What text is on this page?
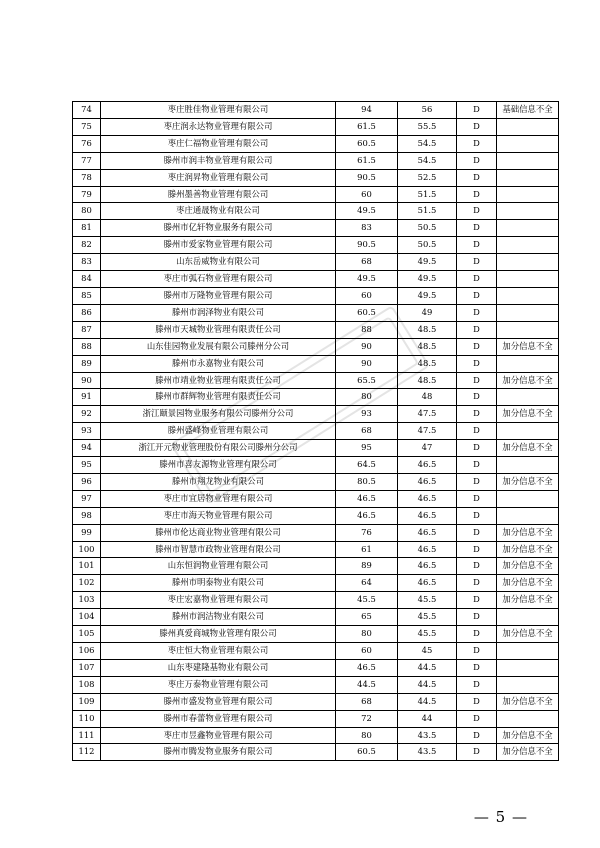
74	枣庄胜佳物业管理有限公司	94	56	D	基础信息不全
75	枣庄润永达物业管理有限公司	61.5	55.5	D	
76	枣庄仁福物业管理有限公司	60.5	54.5	D	
77	滕州市润丰物业管理有限公司	61.5	54.5	D	
78	枣庄润昇物业管理有限公司	90.5	52.5	D	
79	滕州墨善物业管理有限公司	60	51.5	D	
80	枣庄通晟物业有限公司	49.5	51.5	D	
81	滕州市亿轩物业服务有限公司	83	50.5	D	
82	滕州市爱家物业管理有限公司	90.5	50.5	D	
83	山东岳威物业有限公司	68	49.5	D	
84	枣庄市弧石物业管理有限公司	49.5	49.5	D	
85	滕州市万隆物业管理有限公司	60	49.5	D	
86	滕州市润泽物业有限公司	60.5	49	D	
87	滕州市天城物业管理有限责任公司	88	48.5	D	
88	山东佳园物业发展有限公司滕州分公司	90	48.5	D	加分信息不全
89	滕州市永嘉物业有限公司	90	48.5	D	
90	滕州市靖业物业管理有限责任公司	65.5	48.5	D	加分信息不全
91	滕州市群辉物业管理有限责任公司	80	48	D	
92	浙江颐景园物业服务有限公司滕州分公司	93	47.5	D	加分信息不全
93	滕州盛峰物业管理有限公司	68	47.5	D	
94	浙江开元物业管理股份有限公司滕州分公司	95	47	D	加分信息不全
95	滕州市喜友源物业管理有限公司	64.5	46.5	D	
96	滕州市翔龙物业有限公司	80.5	46.5	D	加分信息不全
97	枣庄市宜居物业管理有限公司	46.5	46.5	D	
98	枣庄市海天物业管理有限公司	46.5	46.5	D	
99	滕州市伦达商业物业管理有限公司	76	46.5	D	加分信息不全
100	滕州市智慧市政物业管理有限公司	61	46.5	D	加分信息不全
101	山东恒润物业管理有限公司	89	46.5	D	加分信息不全
102	滕州市明泰物业有限公司	64	46.5	D	加分信息不全
103	枣庄宏嘉物业管理有限公司	45.5	45.5	D	加分信息不全
104	滕州市润洁物业有限公司	65	45.5	D	
105	滕州真爱商城物业管理有限公司	80	45.5	D	加分信息不全
106	枣庄恒大物业管理有限公司	60	45	D	
107	山东枣建隆基物业有限公司	46.5	44.5	D	
108	枣庄万泰物业管理有限公司	44.5	44.5	D	
109	滕州市盛发物业管理有限公司	68	44.5	D	加分信息不全
110	滕州市春蕾物业管理有限公司	72	44	D	
111	枣庄市昱鑫物业管理有限公司	80	43.5	D	加分信息不全
112	滕州市腾发物业服务有限公司	60.5	43.5	D	加分信息不全
— 5 —
